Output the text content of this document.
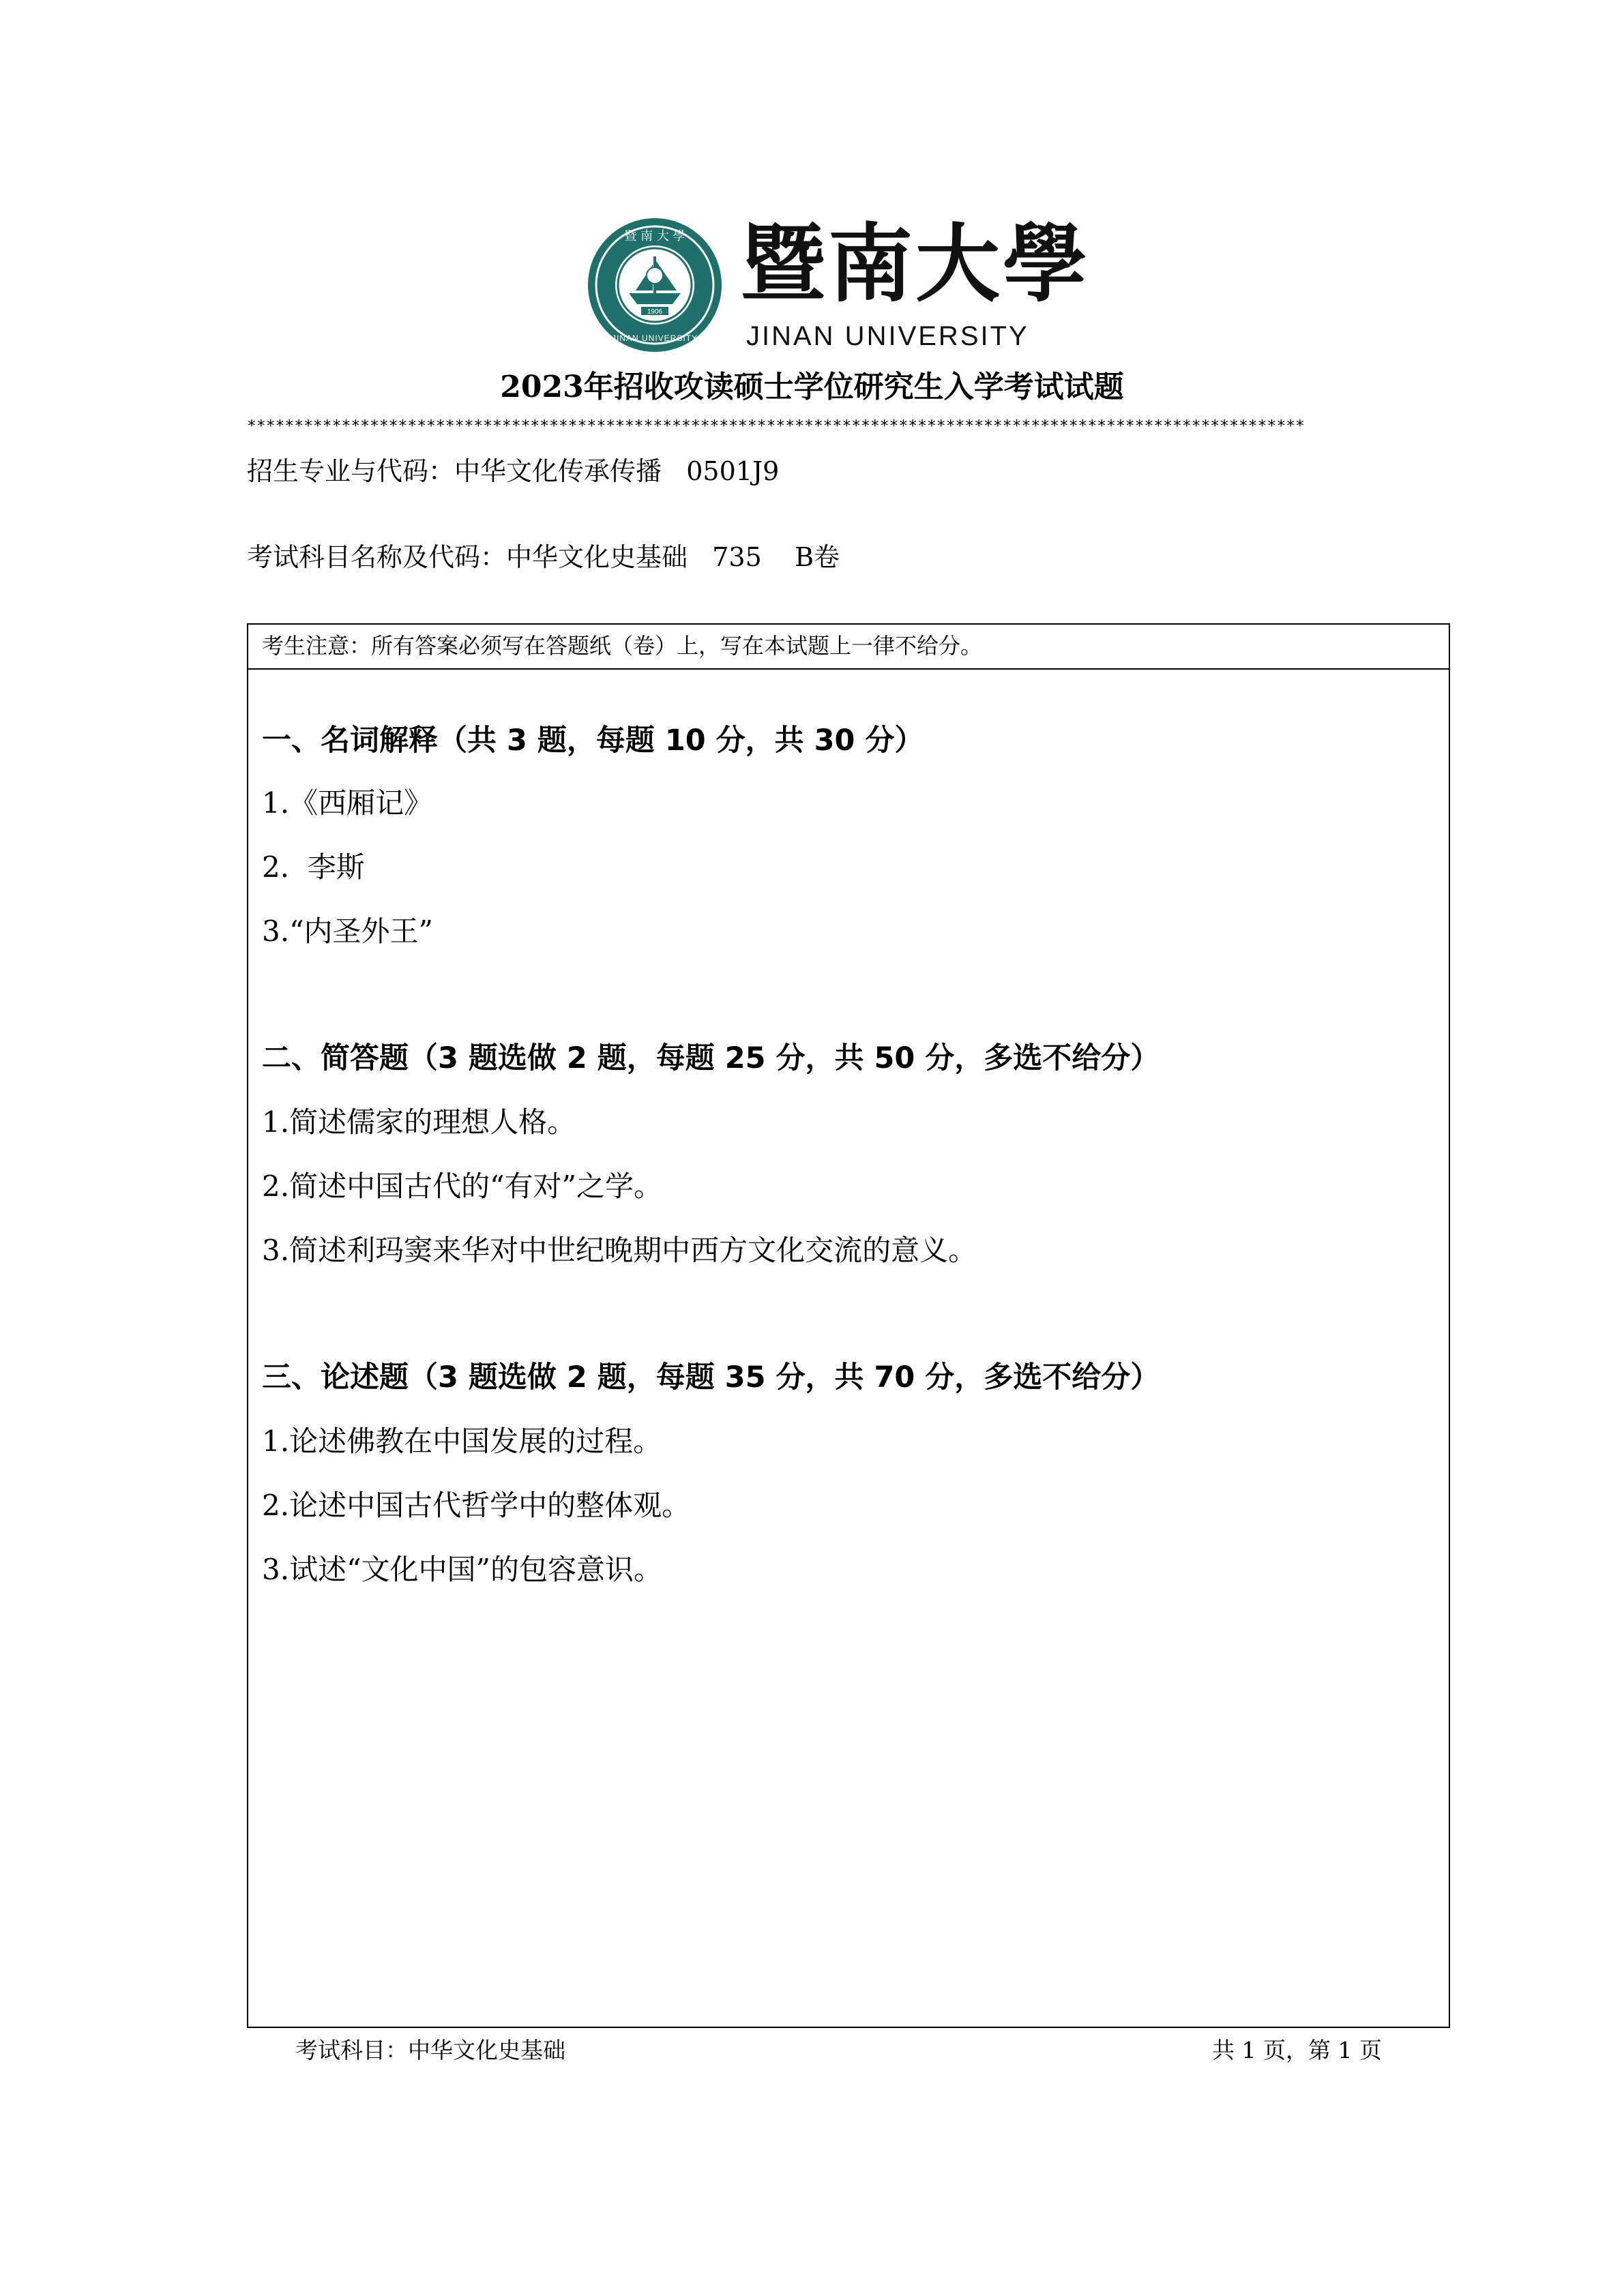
1906
暨 南 大 學
JINAN UNIVERSITY
暨南大學
JINAN UNIVERSITY
2023年招收攻读硕士学位研究生入学考试试题
****************************************************************************************************************
招生专业与代码：中华文化传承传播   0501J9
考试科目名称及代码：中华文化史基础   735    B卷
考生注意：所有答案必须写在答题纸（卷）上，写在本试题上一律不给分。
一、名词解释（共 3 题，每题 10 分，共 30 分）
1.《西厢记》
2.  李斯
3.“内圣外王”
二、简答题（3 题选做 2 题，每题 25 分，共 50 分，多选不给分）
1.简述儒家的理想人格。
2.简述中国古代的“有对”之学。
3.简述利玛窦来华对中世纪晚期中西方文化交流的意义。
三、论述题（3 题选做 2 题，每题 35 分，共 70 分，多选不给分）
1.论述佛教在中国发展的过程。
2.论述中国古代哲学中的整体观。
3.试述“文化中国”的包容意识。
考试科目：中华文化史基础	共 1 页，第 1 页
